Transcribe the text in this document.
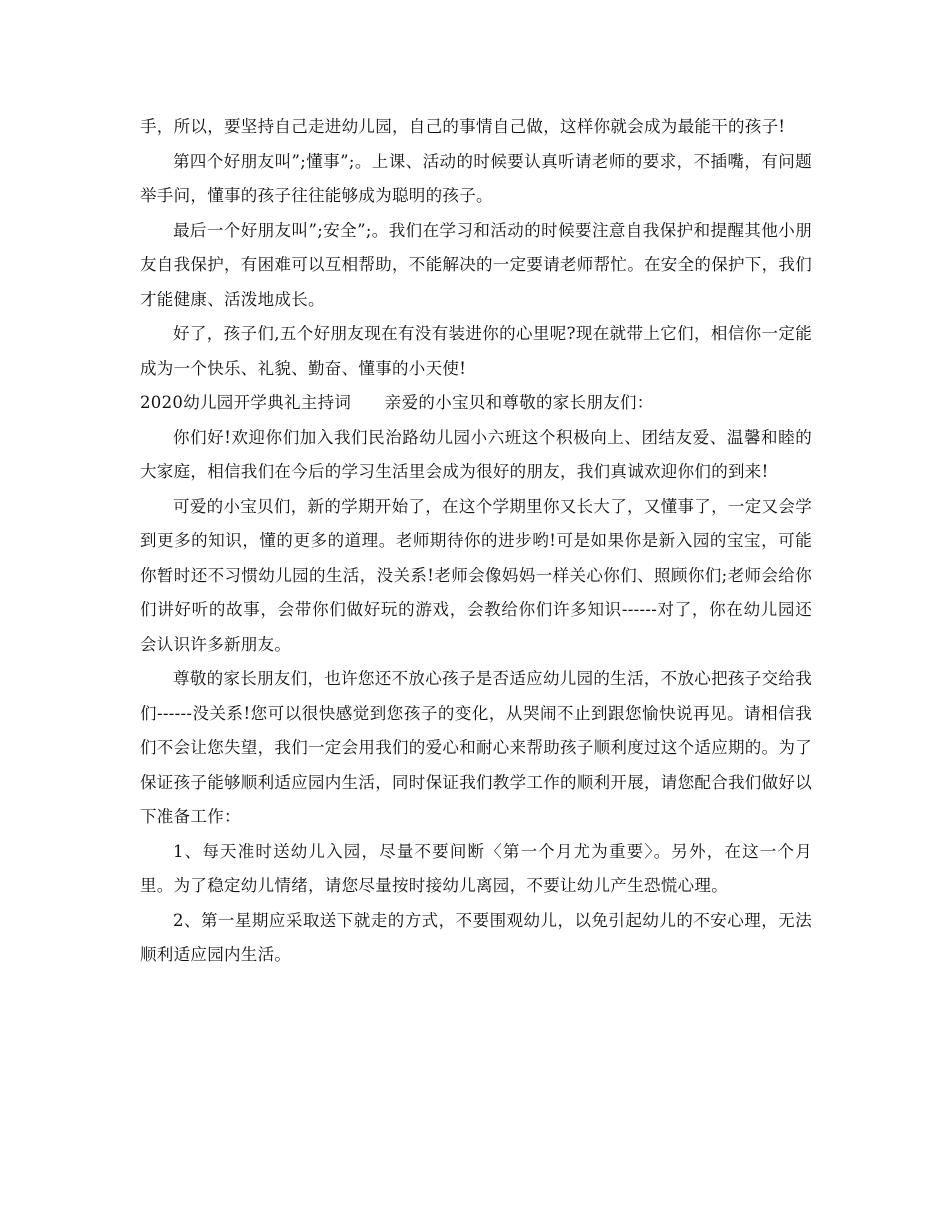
手，所以，要坚持自己走进幼儿园，自己的事情自己做，这样你就会成为最能干的孩子!

第四个好朋友叫”;懂事”;。上课、活动的时候要认真听请老师的要求，不插嘴，有问题举手问，懂事的孩子往往能够成为聪明的孩子。

最后一个好朋友叫”;安全”;。我们在学习和活动的时候要注意自我保护和提醒其他小朋友自我保护，有困难可以互相帮助，不能解决的一定要请老师帮忙。在安全的保护下，我们才能健康、活泼地成长。

好了，孩子们,五个好朋友现在有没有装进你的心里呢?现在就带上它们，相信你一定能成为一个快乐、礼貌、勤奋、懂事的小天使!

2020幼儿园开学典礼主持词　　亲爱的小宝贝和尊敬的家长朋友们：

你们好!欢迎你们加入我们民治路幼儿园小六班这个积极向上、团结友爱、温馨和睦的大家庭，相信我们在今后的学习生活里会成为很好的朋友，我们真诚欢迎你们的到来!

可爱的小宝贝们，新的学期开始了，在这个学期里你又长大了，又懂事了，一定又会学到更多的知识，懂的更多的道理。老师期待你的进步哟!可是如果你是新入园的宝宝，可能你暂时还不习惯幼儿园的生活，没关系!老师会像妈妈一样关心你们、照顾你们;老师会给你们讲好听的故事，会带你们做好玩的游戏，会教给你们许多知识------对了，你在幼儿园还会认识许多新朋友。

尊敬的家长朋友们，也许您还不放心孩子是否适应幼儿园的生活，不放心把孩子交给我们------没关系!您可以很快感觉到您孩子的变化，从哭闹不止到跟您愉快说再见。请相信我们不会让您失望，我们一定会用我们的爱心和耐心来帮助孩子顺利度过这个适应期的。为了保证孩子能够顺利适应园内生活，同时保证我们教学工作的顺利开展，请您配合我们做好以下准备工作：

1、每天准时送幼儿入园，尽量不要间断〈第一个月尤为重要〉。另外，在这一个月里。为了稳定幼儿情绪，请您尽量按时接幼儿离园，不要让幼儿产生恐慌心理。

2、第一星期应采取送下就走的方式，不要围观幼儿，以免引起幼儿的不安心理，无法顺利适应园内生活。
